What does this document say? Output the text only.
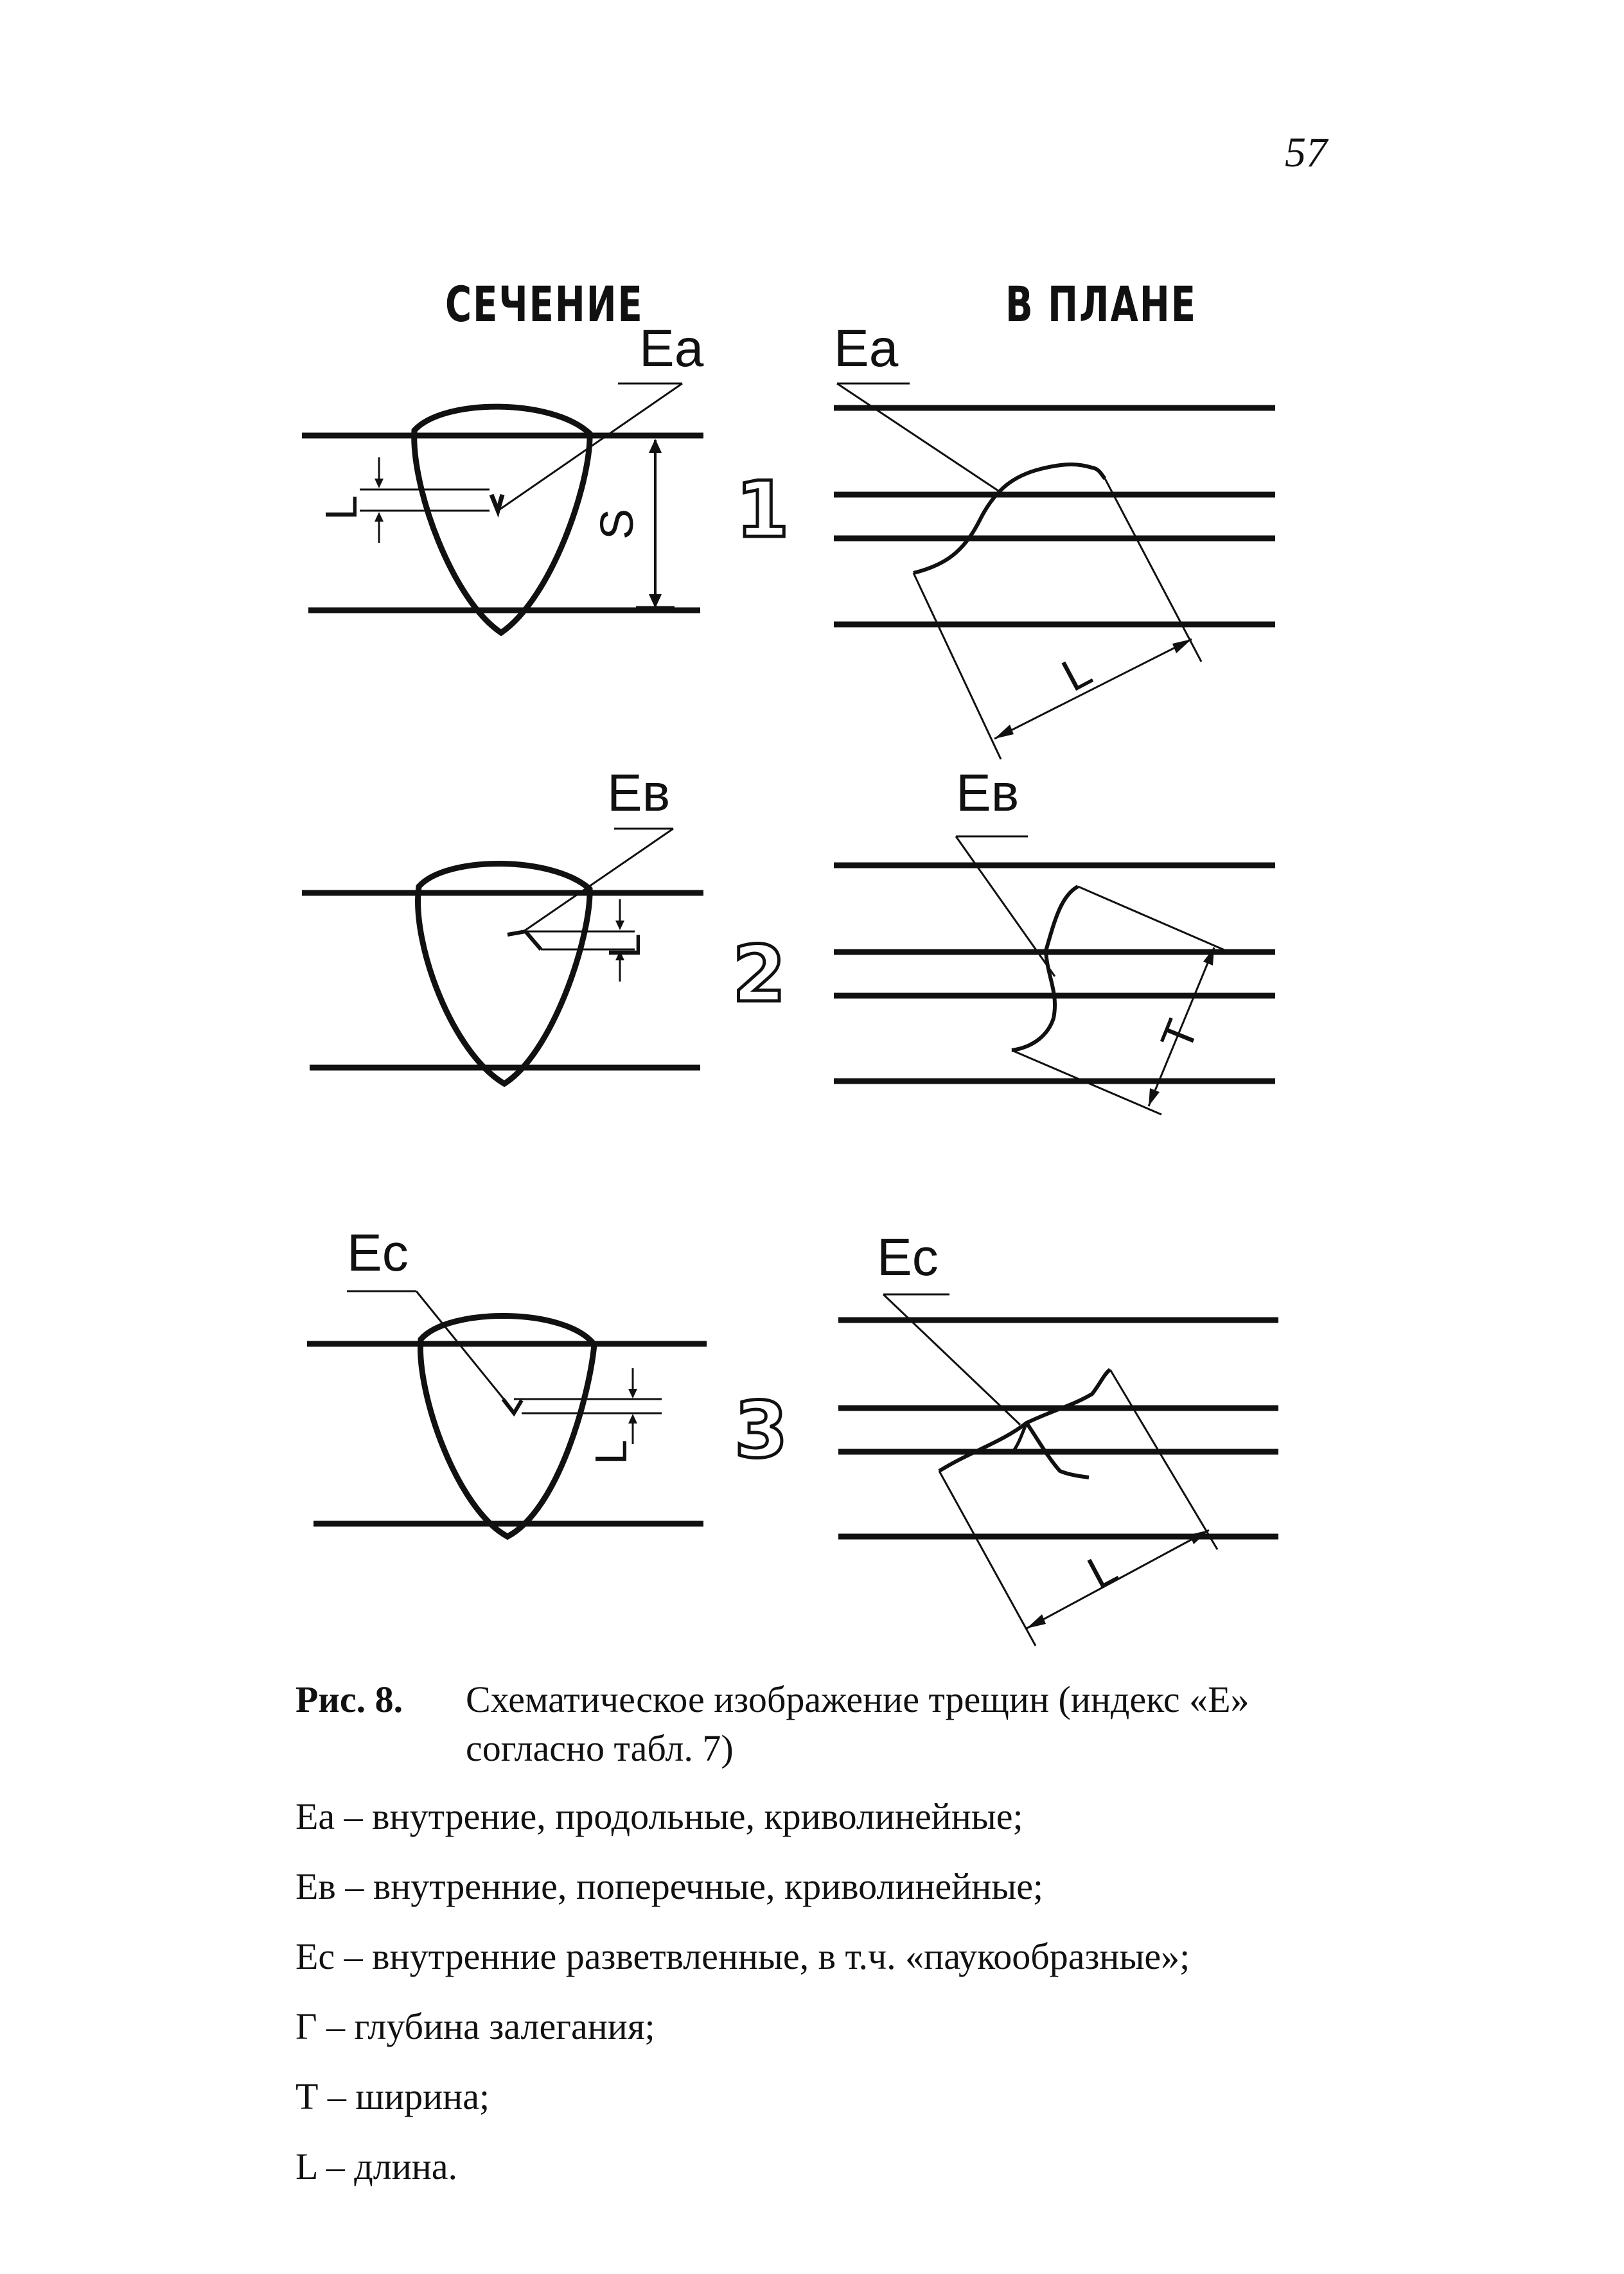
57
СЕЧЕНИЕ	В ПЛАНЕ
Eа
L
S 1
Eа
L
Eв
L 2
Eв
T
Ec
L 3
Ec
L
Рис. 8. Схематическое изображение трещин (индекс «Е» согласно табл. 7)
Еа – внутрение, продольные, криволинейные;
Ев – внутренние, поперечные, криволинейные;
Ес – внутренние разветвленные, в т.ч. «паукообразные»;
Г – глубина залегания;
Т – ширина;
L – длина.
